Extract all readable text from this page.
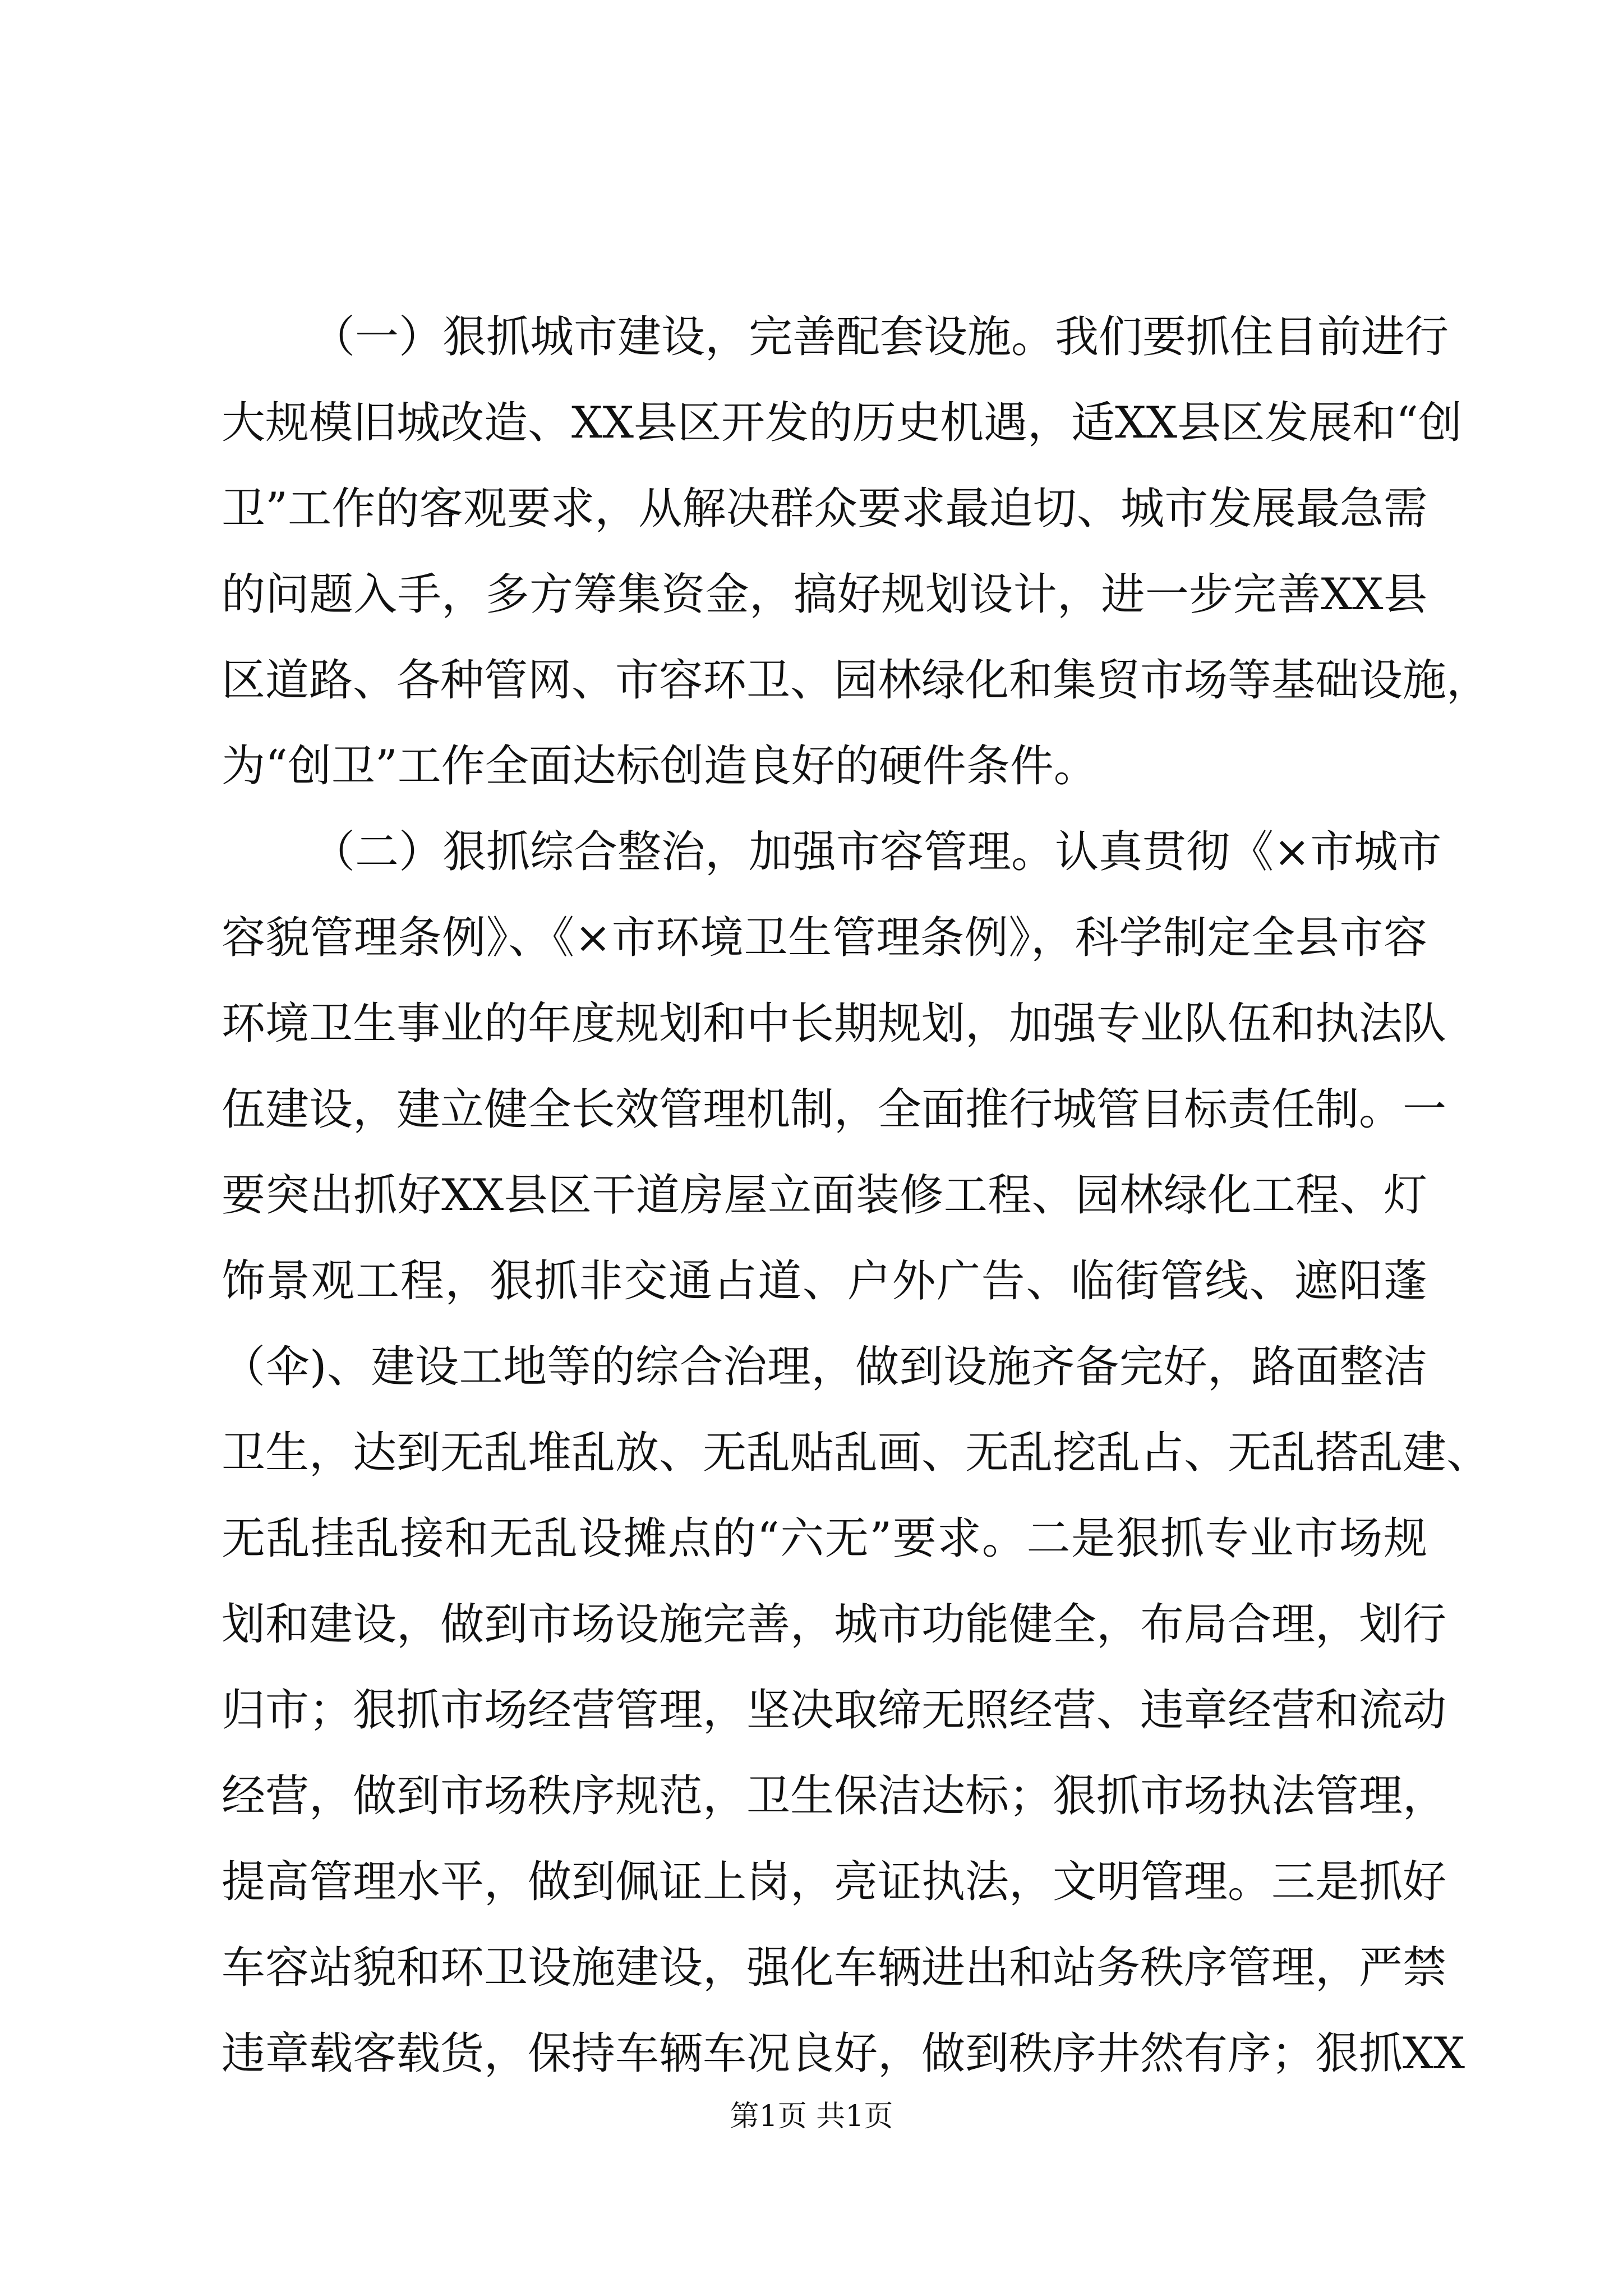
（一）狠抓城市建设，完善配套设施。我们要抓住目前进行
大规模旧城改造、XX县区开发的历史机遇，适XX县区发展和“创
卫”工作的客观要求，从解决群众要求最迫切、城市发展最急需
的问题入手，多方筹集资金，搞好规划设计，进一步完善XX县
区道路、各种管网、市容环卫、园林绿化和集贸市场等基础设施，
为“创卫”工作全面达标创造良好的硬件条件。
（二）狠抓综合整治，加强市容管理。认真贯彻《×市城市
容貌管理条例》、《×市环境卫生管理条例》，科学制定全县市容
环境卫生事业的年度规划和中长期规划，加强专业队伍和执法队
伍建设，建立健全长效管理机制，全面推行城管目标责任制。一
要突出抓好XX县区干道房屋立面装修工程、园林绿化工程、灯
饰景观工程，狠抓非交通占道、户外广告、临街管线、遮阳蓬
（伞)、建设工地等的综合治理，做到设施齐备完好，路面整洁
卫生，达到无乱堆乱放、无乱贴乱画、无乱挖乱占、无乱搭乱建、
无乱挂乱接和无乱设摊点的“六无”要求。二是狠抓专业市场规
划和建设，做到市场设施完善，城市功能健全，布局合理，划行
归市；狠抓市场经营管理，坚决取缔无照经营、违章经营和流动
经营，做到市场秩序规范，卫生保洁达标；狠抓市场执法管理，
提高管理水平，做到佩证上岗，亮证执法，文明管理。三是抓好
车容站貌和环卫设施建设，强化车辆进出和站务秩序管理，严禁
违章载客载货，保持车辆车况良好，做到秩序井然有序；狠抓XX
第1页 共1页
